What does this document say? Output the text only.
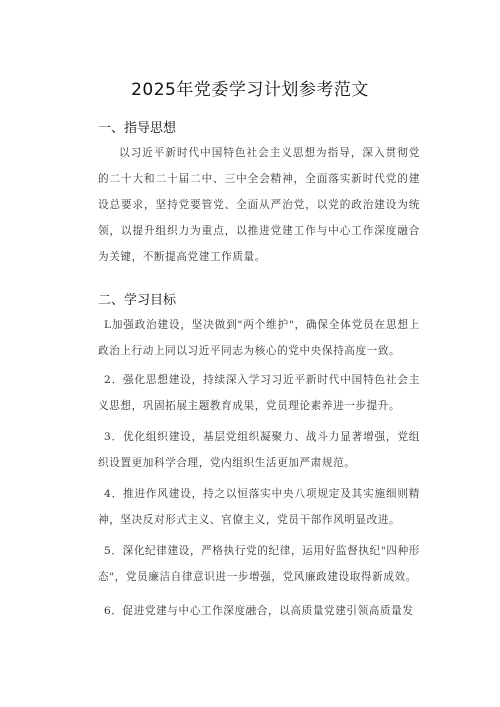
2025年党委学习计划参考范文
一、指导思想
以习近平新时代中国特色社会主义思想为指导，深入贯彻党的二十大和二十届二中、三中全会精神，全面落实新时代党的建设总要求，坚持党要管党、全面从严治党，以党的政治建设为统领，以提升组织力为重点，以推进党建工作与中心工作深度融合为关键，不断提高党建工作质量。
二、学习目标
L加强政治建设，坚决做到"两个维护"，确保全体党员在思想上政治上行动上同以习近平同志为核心的党中央保持高度一致。
2．强化思想建设，持续深入学习习近平新时代中国特色社会主义思想，巩固拓展主题教育成果，党员理论素养进一步提升。
3．优化组织建设，基层党组织凝聚力、战斗力显著增强，党组织设置更加科学合理，党内组织生活更加严肃规范。
4．推进作风建设，持之以恒落实中央八项规定及其实施细则精神，坚决反对形式主义、官僚主义，党员干部作风明显改进。
5．深化纪律建设，严格执行党的纪律，运用好监督执纪"四种形态"，党员廉洁自律意识进一步增强，党风廉政建设取得新成效。
6．促进党建与中心工作深度融合，以高质量党建引领高质量发
